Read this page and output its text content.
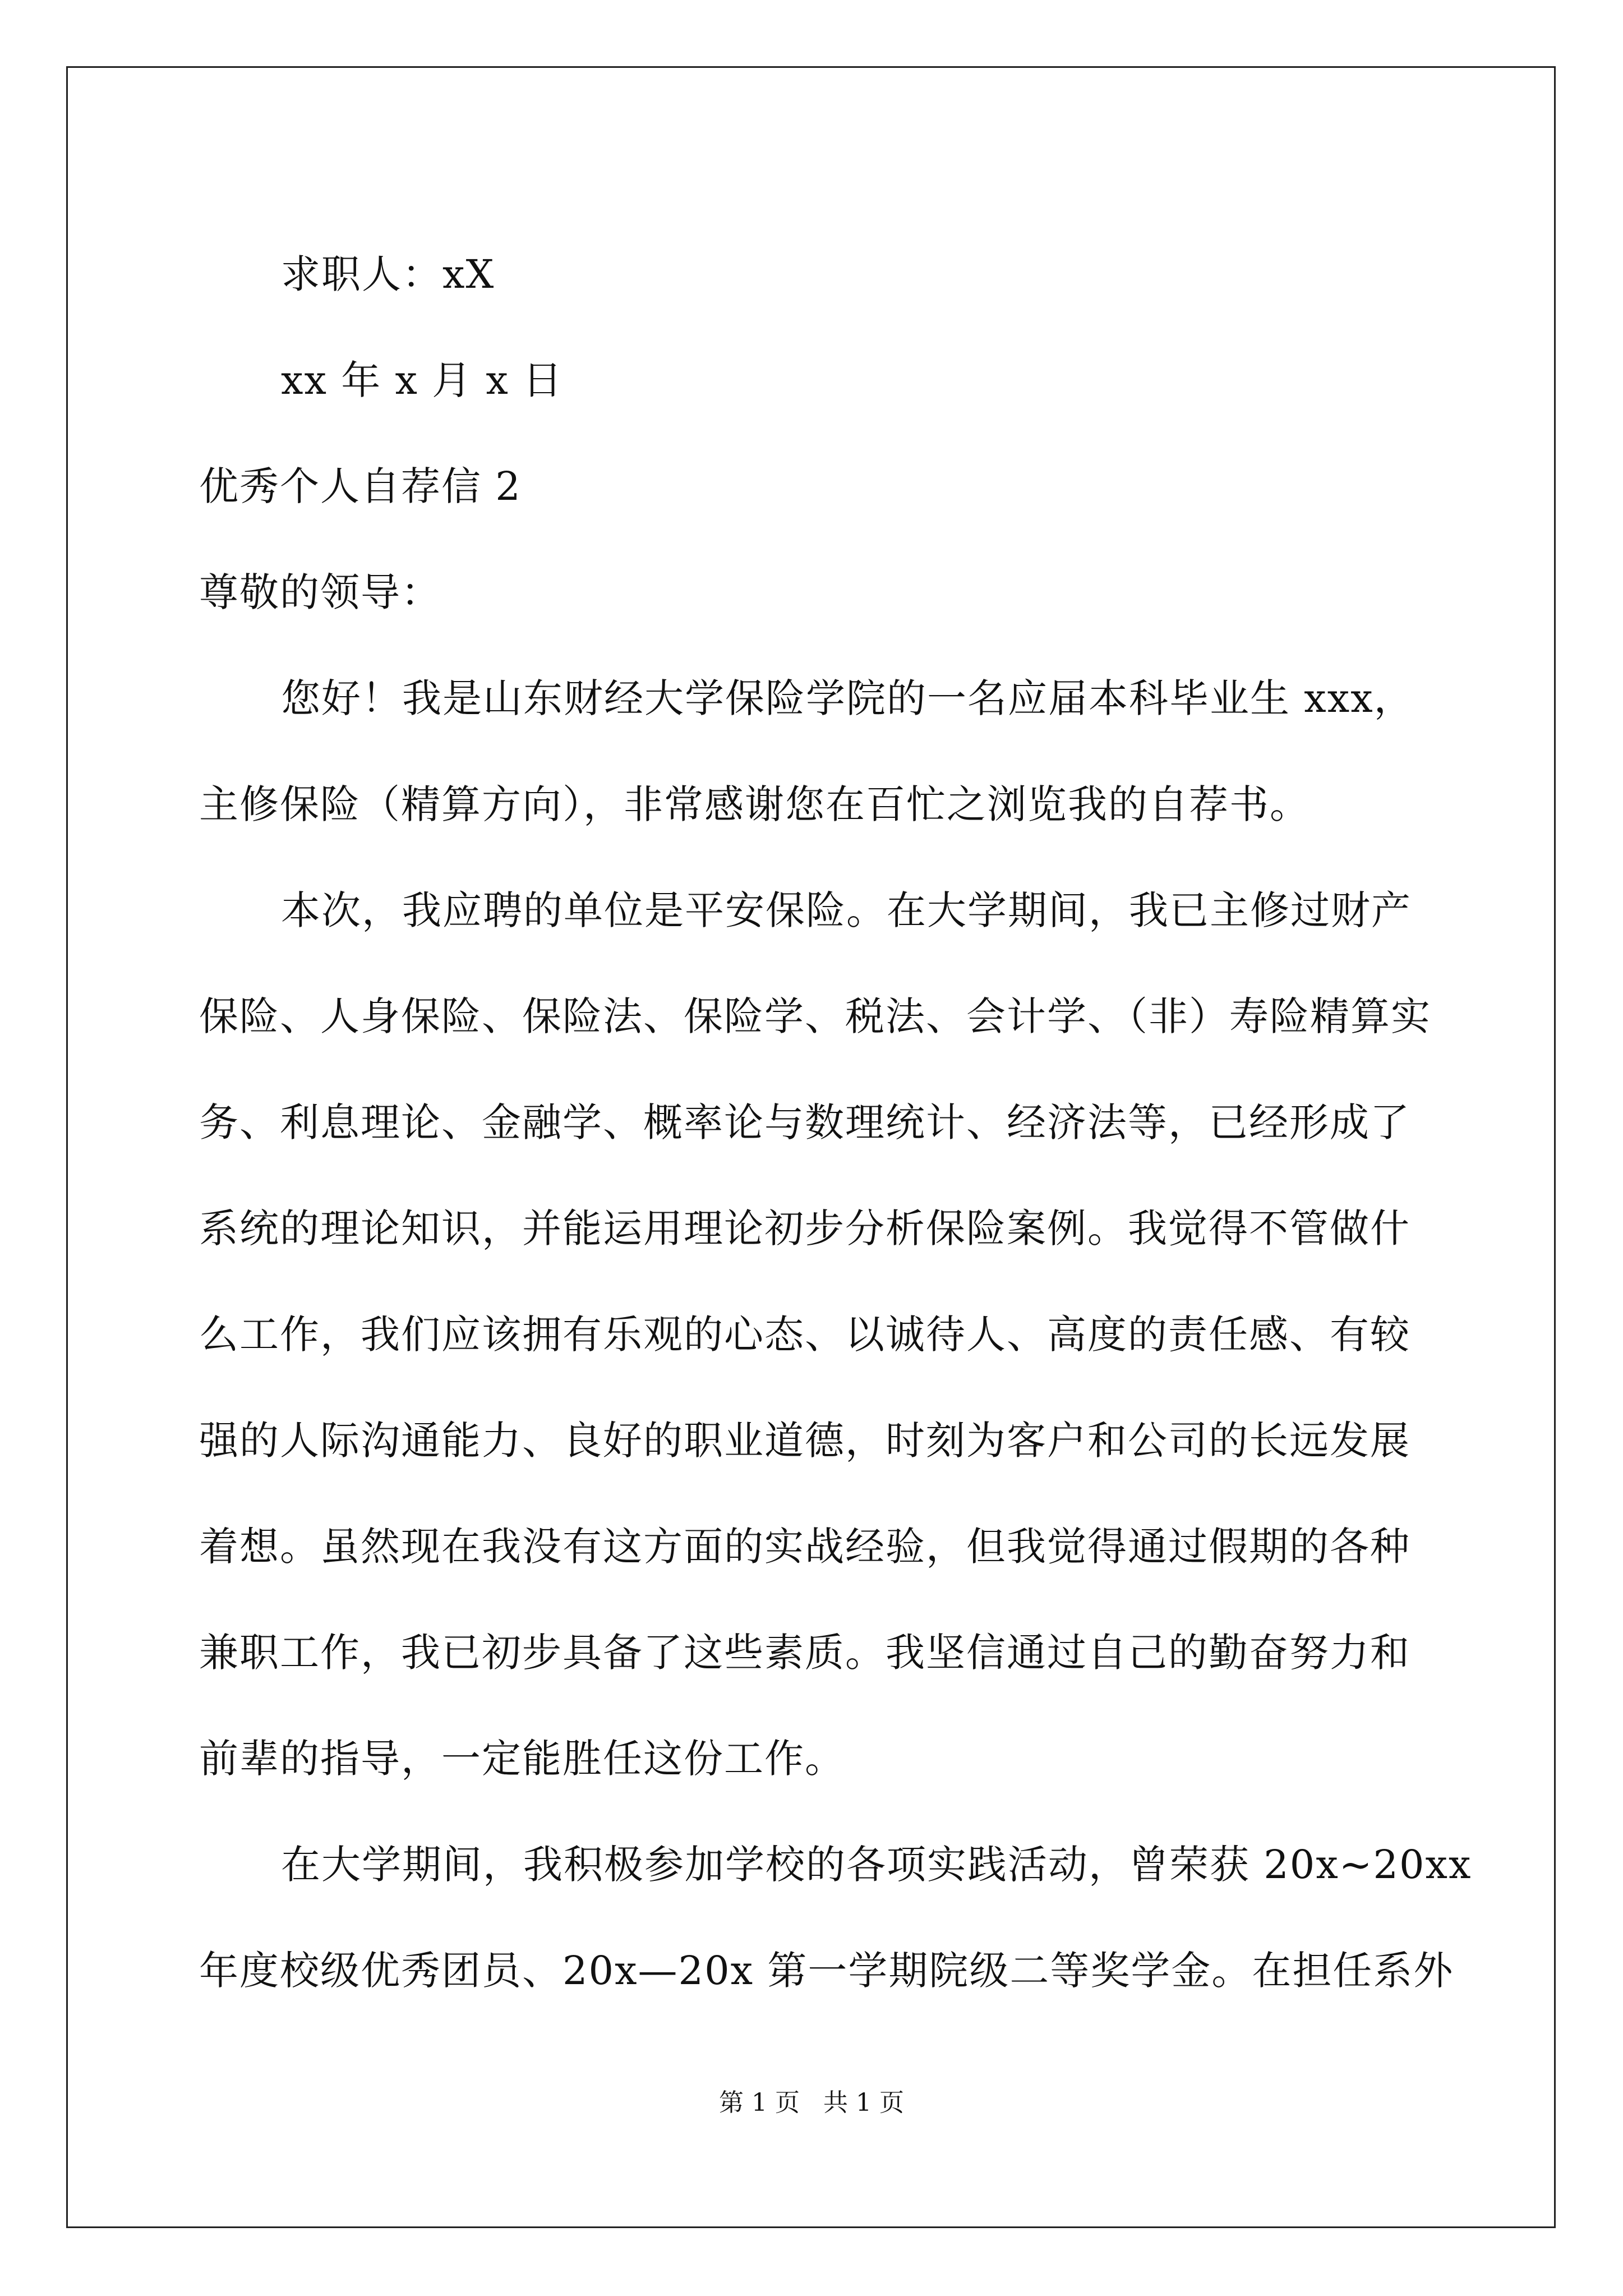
求职人：xX
xx 年 x 月 x 日
优秀个人自荐信 2
尊敬的领导：
您好！我是山东财经大学保险学院的一名应届本科毕业生 xxx，
主修保险（精算方向），非常感谢您在百忙之浏览我的自荐书。
本次，我应聘的单位是平安保险。在大学期间，我已主修过财产
保险、人身保险、保险法、保险学、税法、会计学、（非）寿险精算实
务、利息理论、金融学、概率论与数理统计、经济法等，已经形成了
系统的理论知识，并能运用理论初步分析保险案例。我觉得不管做什
么工作，我们应该拥有乐观的心态、以诚待人、高度的责任感、有较
强的人际沟通能力、良好的职业道德，时刻为客户和公司的长远发展
着想。虽然现在我没有这方面的实战经验，但我觉得通过假期的各种
兼职工作，我已初步具备了这些素质。我坚信通过自己的勤奋努力和
前辈的指导，一定能胜任这份工作。
在大学期间，我积极参加学校的各项实践活动，曾荣获 20x~20xx
年度校级优秀团员、20x—20x 第一学期院级二等奖学金。在担任系外
第 1 页   共 1 页
